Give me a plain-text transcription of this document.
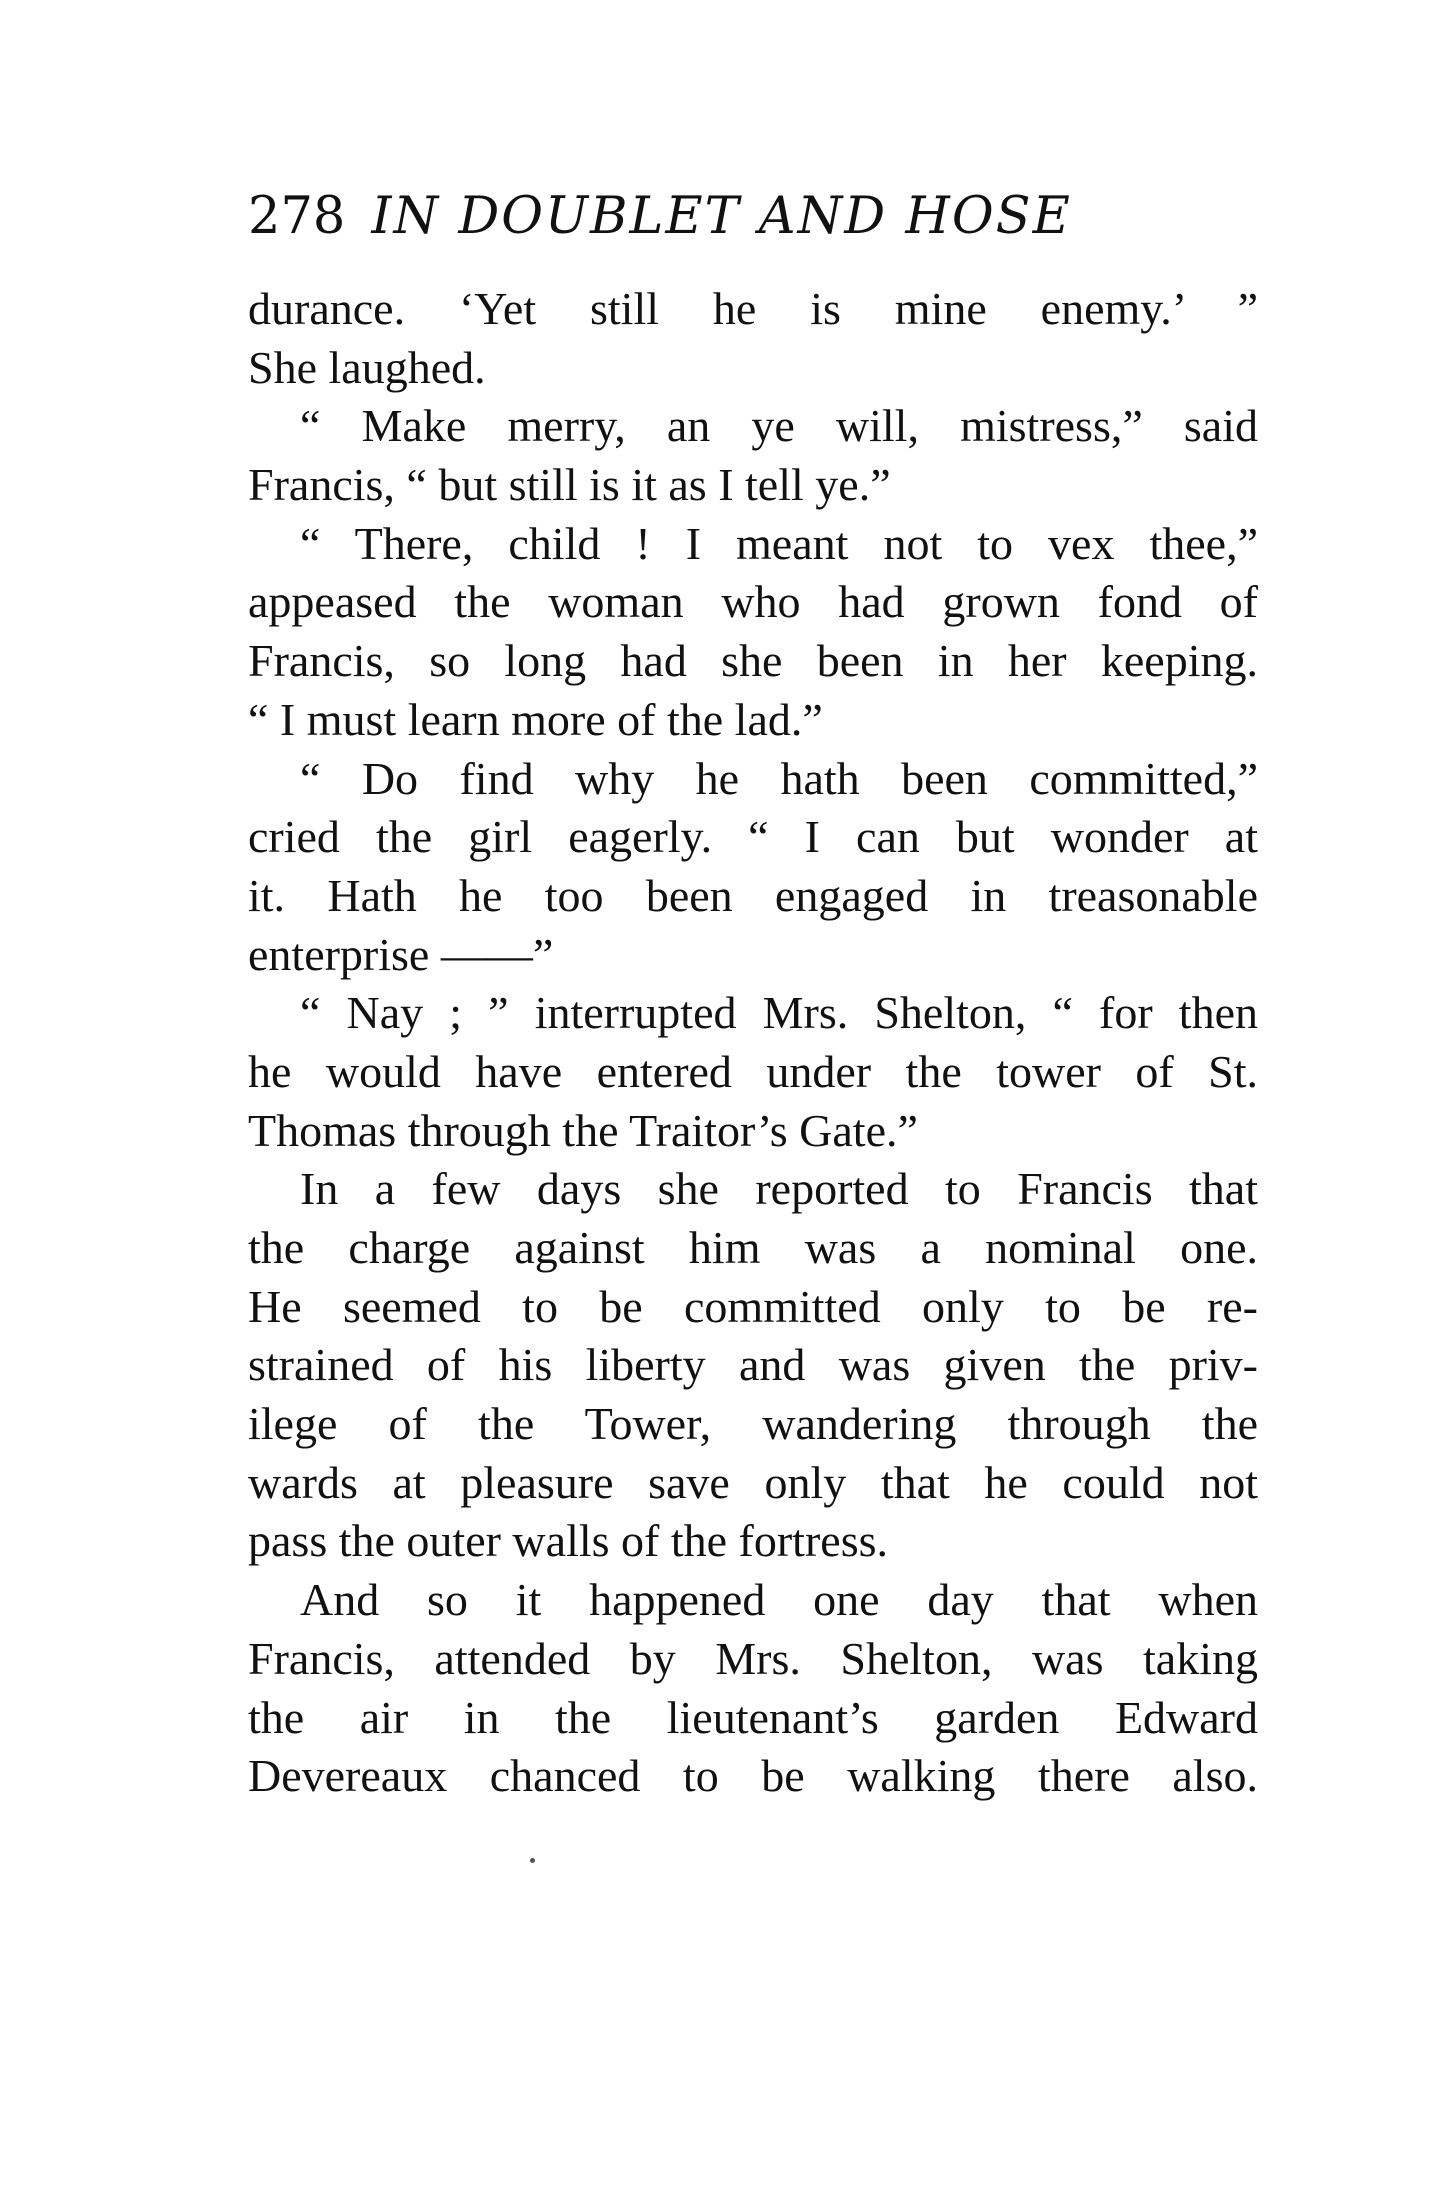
278 IN DOUBLET AND HOSE
durance. ‘Yet still he is mine enemy.’ ”
She laughed.
“ Make merry, an ye will, mistress,” said
Francis, “ but still is it as I tell ye.”
“ There, child ! I meant not to vex thee,”
appeased the woman who had grown fond of
Francis, so long had she been in her keeping.
“ I must learn more of the lad.”
“ Do find why he hath been committed,”
cried the girl eagerly. “ I can but wonder at
it. Hath he too been engaged in treasonable
enterprise ——”
“ Nay ; ” interrupted Mrs. Shelton, “ for then
he would have entered under the tower of St.
Thomas through the Traitor’s Gate.”
In a few days she reported to Francis that
the charge against him was a nominal one.
He seemed to be committed only to be re-
strained of his liberty and was given the priv-
ilege of the Tower, wandering through the
wards at pleasure save only that he could not
pass the outer walls of the fortress.
And so it happened one day that when
Francis, attended by Mrs. Shelton, was taking
the air in the lieutenant’s garden Edward
Devereaux chanced to be walking there also.
